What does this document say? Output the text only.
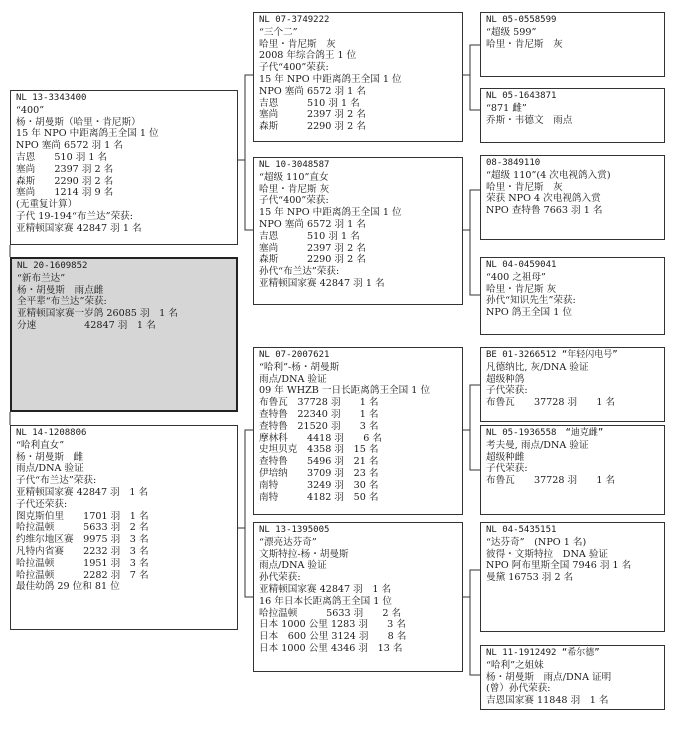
NL 13-3343400
“400”
杨・胡曼斯（哈里・肯尼斯）
15 年 NPO 中距离鸽王全国 1 位
NPO 塞尚 6572 羽 1 名
吉恩　　510 羽 1 名
塞尚　　2397 羽 2 名
森斯　　2290 羽 2 名
塞尚　　1214 羽 9 名
(无重复计算）
子代 19-194“布兰达”荣获:
亚精顿国家赛 42847 羽 1 名
NL 20-1609852
“新布兰达”
杨・胡曼斯　雨点雌
全平辈“布兰达”荣获:
亚精顿国家赛一岁鸽 26085 羽　1 名
分速　　　　　42847 羽　1 名
NL 14-1208806
“哈利直女”
杨・胡曼斯　雌
雨点/DNA 验证
子代“布兰达”荣获:
亚精顿国家赛 42847 羽　1 名
子代还荣获:
图克斯伯里　　1701 羽　1 名
哈拉温顿　　　5633 羽　2 名
约维尔地区赛　9975 羽　3 名
凡特内省赛　　2232 羽　3 名
哈拉温顿　　　1951 羽　3 名
哈拉温顿　　　2282 羽　7 名
最佳幼鸽 29 位和 81 位
NL 07-3749222
“三个二”
哈里・肯尼斯　灰
2008 年综合鸽王 1 位
子代“400”荣获:
15 年 NPO 中距离鸽王全国 1 位
NPO 塞尚 6572 羽 1 名
吉恩　　　510 羽 1 名
塞尚　　　2397 羽 2 名
森斯　　　2290 羽 2 名
NL 10-3048587
“超级 110”直女
哈里・肯尼斯 灰
子代“400”荣获:
15 年 NPO 中距离鸽王全国 1 位
NPO 塞尚 6572 羽 1 名
吉恩　　　510 羽 1 名
塞尚　　　2397 羽 2 名
森斯　　　2290 羽 2 名
孙代“布兰达”荣获:
亚精顿国家赛 42847 羽 1 名
NL 07-2007621
“哈利”-杨・胡曼斯
雨点/DNA 验证
09 年 WHZB 一日长距离鸽王全国 1 位
布鲁瓦　37728 羽　　1 名
查特鲁　22340 羽　　1 名
查特鲁　21520 羽　　3 名
摩林科　　4418 羽　　6 名
史坦贝克　4358 羽　15 名
查特鲁　　5496 羽　21 名
伊培纳　　3709 羽　23 名
南特　　　3249 羽　30 名
南特　　　4182 羽　50 名
NL 13-1395005
“漂亮达芬奇”
文斯特拉-杨・胡曼斯
雨点/DNA 验证
孙代荣获:
亚精顿国家赛 42847 羽　1 名
16 年日本长距离鸽王全国 1 位
哈拉温顿　　　5633 羽　　2 名
日本 1000 公里 1283 羽　　3 名
日本　600 公里 3124 羽　　8 名
日本 1000 公里 4346 羽　13 名
NL 05-0558599
“超级 599”
哈里・肯尼斯　灰
NL 05-1643871
“871 雌”
乔斯・韦德文　雨点
08-3849110
“超级 110”(4 次电视鸽入赏)
哈里・肯尼斯　灰
荣获 NPO 4 次电视鸽入赏
NPO 查特鲁 7663 羽 1 名
NL 04-0459041
“400 之祖母”
哈里・肯尼斯 灰
孙代“知识先生”荣获:
NPO 鸽王全国 1 位
BE 01-3266512 “年轻闪电号”
凡德纳比, 灰/DNA 验证
超级种鸽
子代荣获:
布鲁瓦　　37728 羽　　1 名
NL 05-1936558　“迪克雌”
考夫曼, 雨点/DNA 验证
超级种雌
子代荣获:
布鲁瓦　　37728 羽　　1 名
NL 04-5435151
“达芬奇”　(NPO 1 名)
彼得・文斯特拉　DNA 验证
NPO 阿布里斯全国 7946 羽 1 名
曼黛 16753 羽 2 名
NL 11-1912492 “希尔德”
“哈利”之姐妹
杨・胡曼斯　雨点/DNA 证明
(曾）孙代荣获:
吉恩国家赛 11848 羽　1 名
